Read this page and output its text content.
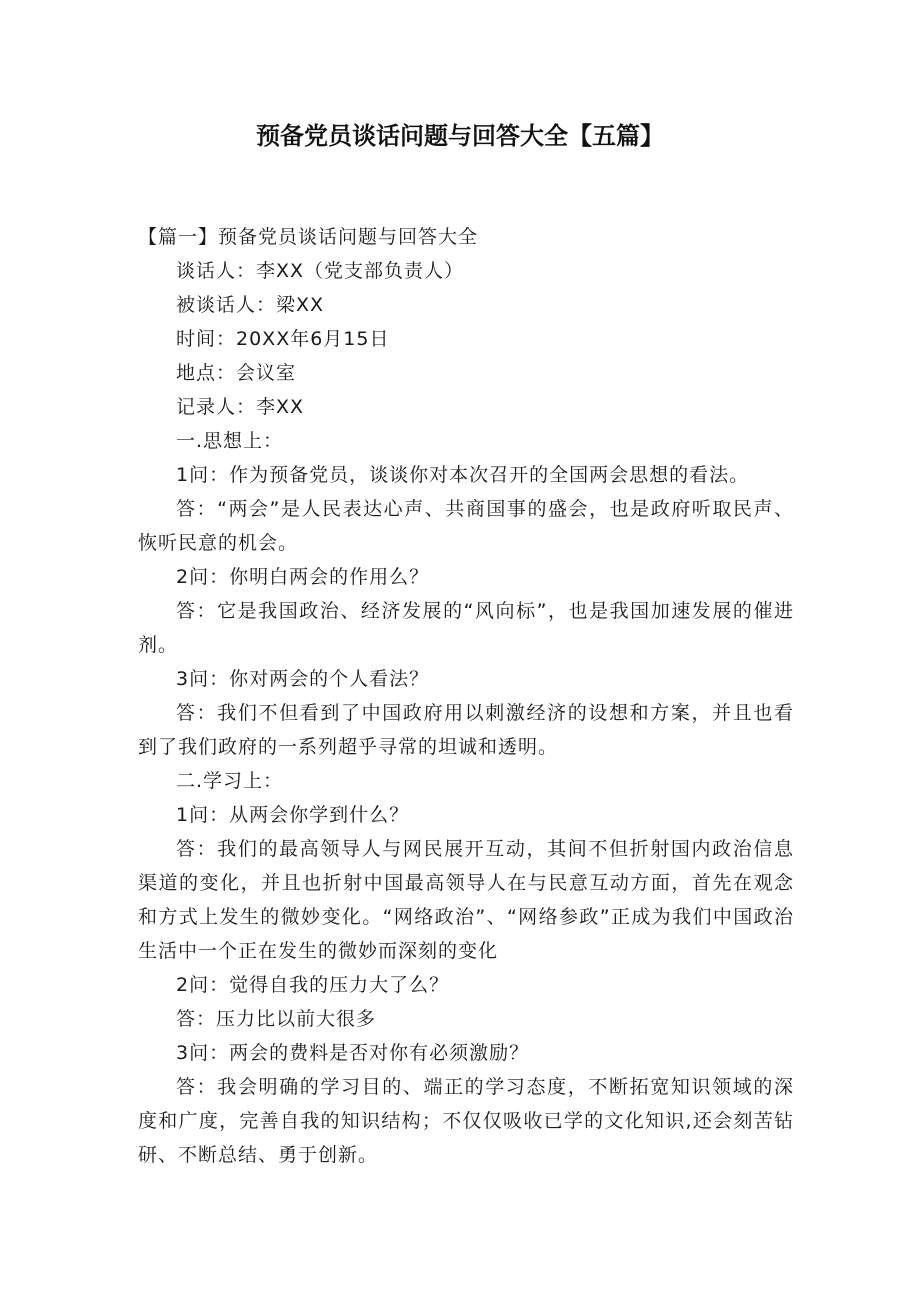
预备党员谈话问题与回答大全【五篇】

【篇一】预备党员谈话问题与回答大全

谈话人：李XX（党支部负责人）

被谈话人：梁XX

时间：20XX年6月15日

地点：会议室

记录人：李XX

一.思想上：

1问：作为预备党员，谈谈你对本次召开的全国两会思想的看法。

答：“两会”是人民表达心声、共商国事的盛会，也是政府听取民声、恢听民意的机会。

2问：你明白两会的作用么？

答：它是我国政治、经济发展的“风向标”，也是我国加速发展的催进剂。

3问：你对两会的个人看法？

答：我们不但看到了中国政府用以刺激经济的设想和方案，并且也看到了我们政府的一系列超乎寻常的坦诚和透明。

二.学习上：

1问：从两会你学到什么？

答：我们的最高领导人与网民展开互动，其间不但折射国内政治信息渠道的变化，并且也折射中国最高领导人在与民意互动方面，首先在观念和方式上发生的微妙变化。“网络政治”、“网络参政”正成为我们中国政治生活中一个正在发生的微妙而深刻的变化

2问：觉得自我的压力大了么？

答：压力比以前大很多

3问：两会的费料是否对你有必须激励？

答：我会明确的学习目的、端正的学习态度，不断拓宽知识领域的深度和广度，完善自我的知识结构；不仅仅吸收已学的文化知识,还会刻苦钻研、不断总结、勇于创新。
